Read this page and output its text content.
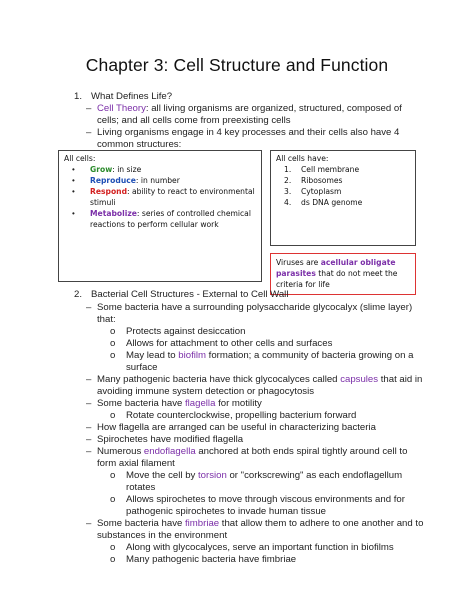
Chapter 3: Cell Structure and Function
1. What Defines Life?
– Cell Theory: all living organisms are organized, structured, composed of
cells; and all cells come from preexisting cells
– Living organisms engage in 4 key processes and their cells also have 4
common structures:
All cells:
• Grow: in size
• Reproduce: in number
• Respond: ability to react to environmental
stimuli
• Metabolize: series of controlled chemical
reactions to perform cellular work
All cells have:
1. Cell membrane
2. Ribosomes
3. Cytoplasm
4. ds DNA genome
Viruses are acellular obligate
parasites that do not meet the
criteria for life
2. Bacterial Cell Structures - External to Cell Wall
– Some bacteria have a surrounding polysaccharide glycocalyx (slime layer)
that:
o Protects against desiccation
o Allows for attachment to other cells and surfaces
o May lead to biofilm formation; a community of bacteria growing on a
surface
– Many pathogenic bacteria have thick glycocalyces called capsules that aid in
avoiding immune system detection or phagocytosis
– Some bacteria have flagella for motility
o Rotate counterclockwise, propelling bacterium forward
– How flagella are arranged can be useful in characterizing bacteria
– Spirochetes have modified flagella
– Numerous endoflagella anchored at both ends spiral tightly around cell to
form axial filament
o Move the cell by torsion or "corkscrewing" as each endoflagellum
rotates
o Allows spirochetes to move through viscous environments and for
pathogenic spirochetes to invade human tissue
– Some bacteria have fimbriae that allow them to adhere to one another and to
substances in the environment
o Along with glycocalyces, serve an important function in biofilms
o Many pathogenic bacteria have fimbriae
